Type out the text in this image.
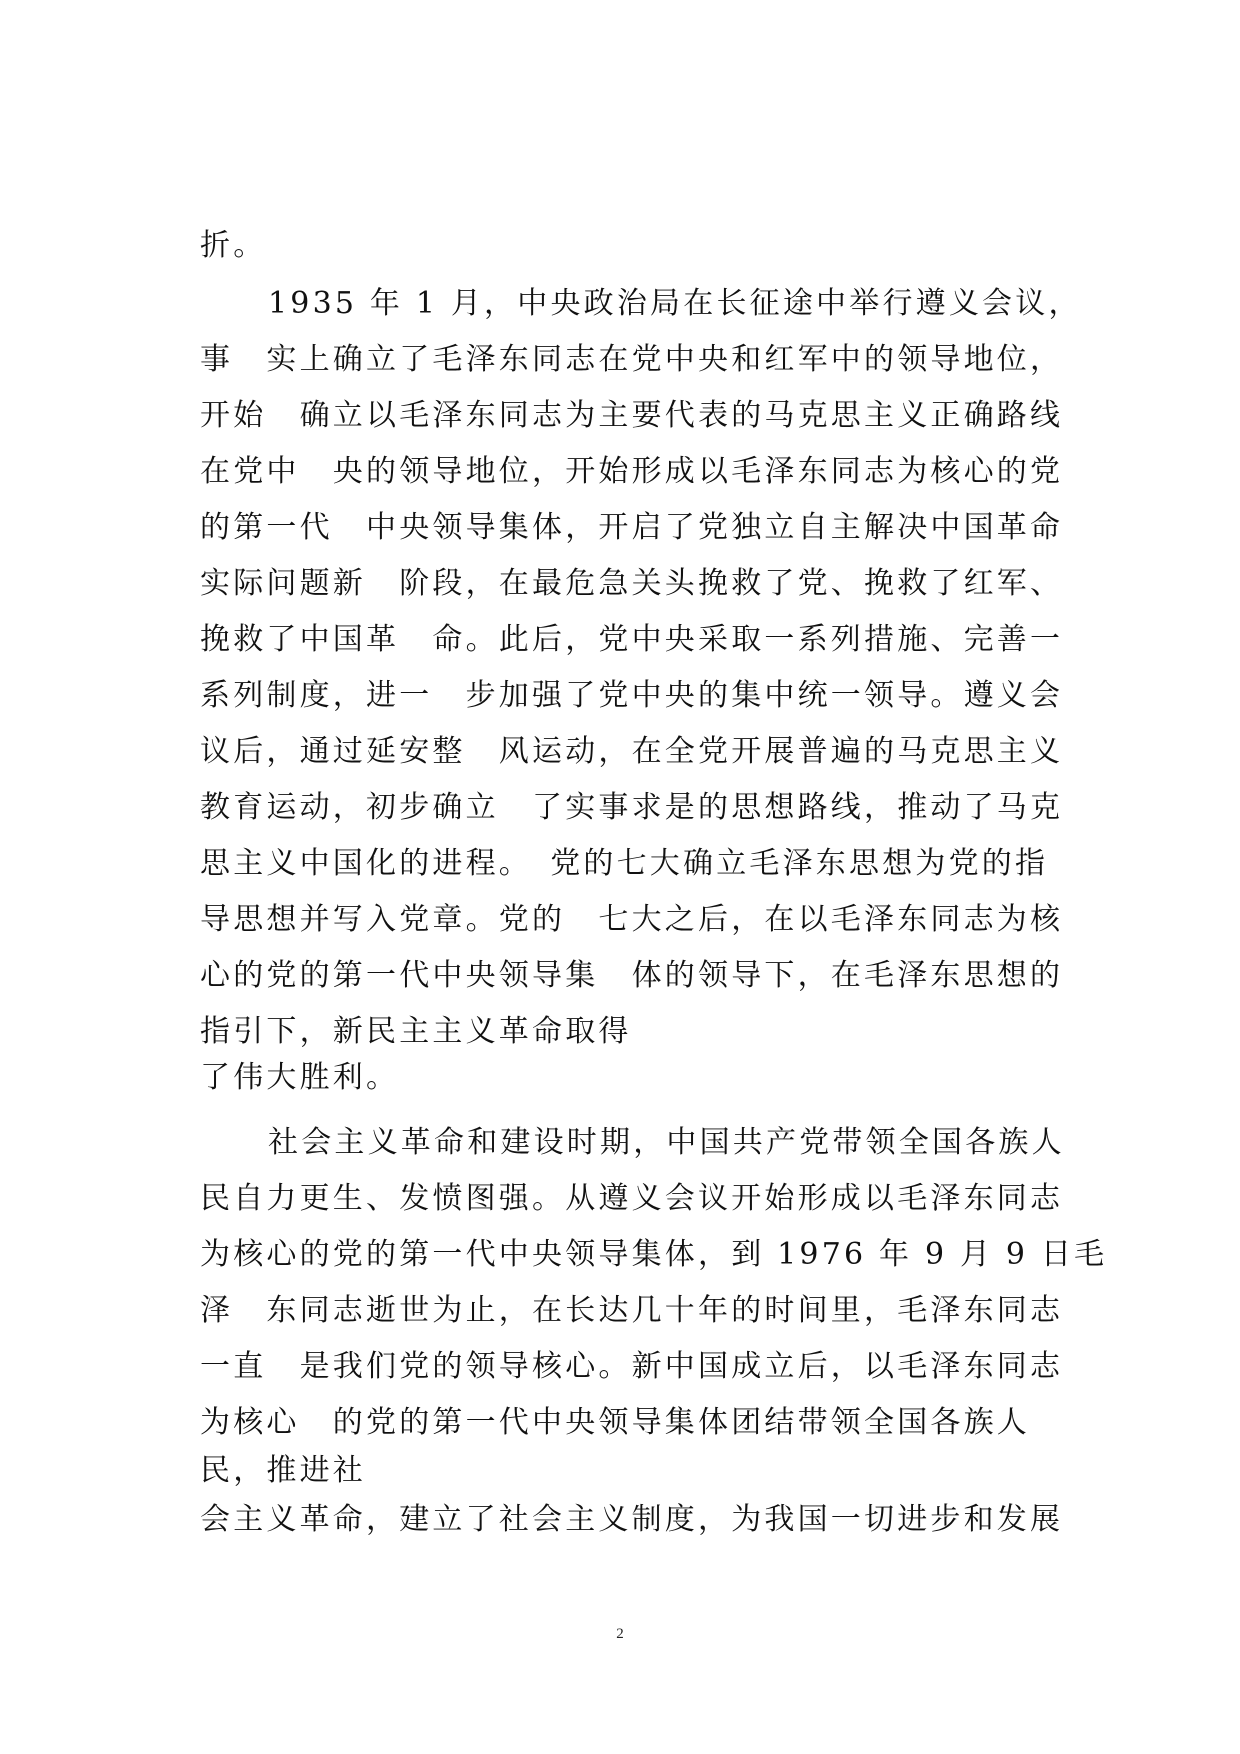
折。
1935 年 1 月，中央政治局在长征途中举行遵义会议，
事　实上确立了毛泽东同志在党中央和红军中的领导地位，
开始　确立以毛泽东同志为主要代表的马克思主义正确路线
在党中　央的领导地位，开始形成以毛泽东同志为核心的党
的第一代　中央领导集体，开启了党独立自主解决中国革命
实际问题新　阶段，在最危急关头挽救了党、挽救了红军、
挽救了中国革　命。此后，党中央采取一系列措施、完善一
系列制度，进一　步加强了党中央的集中统一领导。遵义会
议后，通过延安整　风运动，在全党开展普遍的马克思主义
教育运动，初步确立　了实事求是的思想路线，推动了马克
思主义中国化的进程。　党的七大确立毛泽东思想为党的指
导思想并写入党章。党的　七大之后，在以毛泽东同志为核
心的党的第一代中央领导集　体的领导下，在毛泽东思想的
指引下，新民主主义革命取得
了伟大胜利。
社会主义革命和建设时期，中国共产党带领全国各族人
民自力更生、发愤图强。从遵义会议开始形成以毛泽东同志
为核心的党的第一代中央领导集体，到 1976 年 9 月 9 日毛
泽　东同志逝世为止，在长达几十年的时间里，毛泽东同志
一直　是我们党的领导核心。新中国成立后，以毛泽东同志
为核心　的党的第一代中央领导集体团结带领全国各族人
民，推进社
会主义革命，建立了社会主义制度，为我国一切进步和发展
2
